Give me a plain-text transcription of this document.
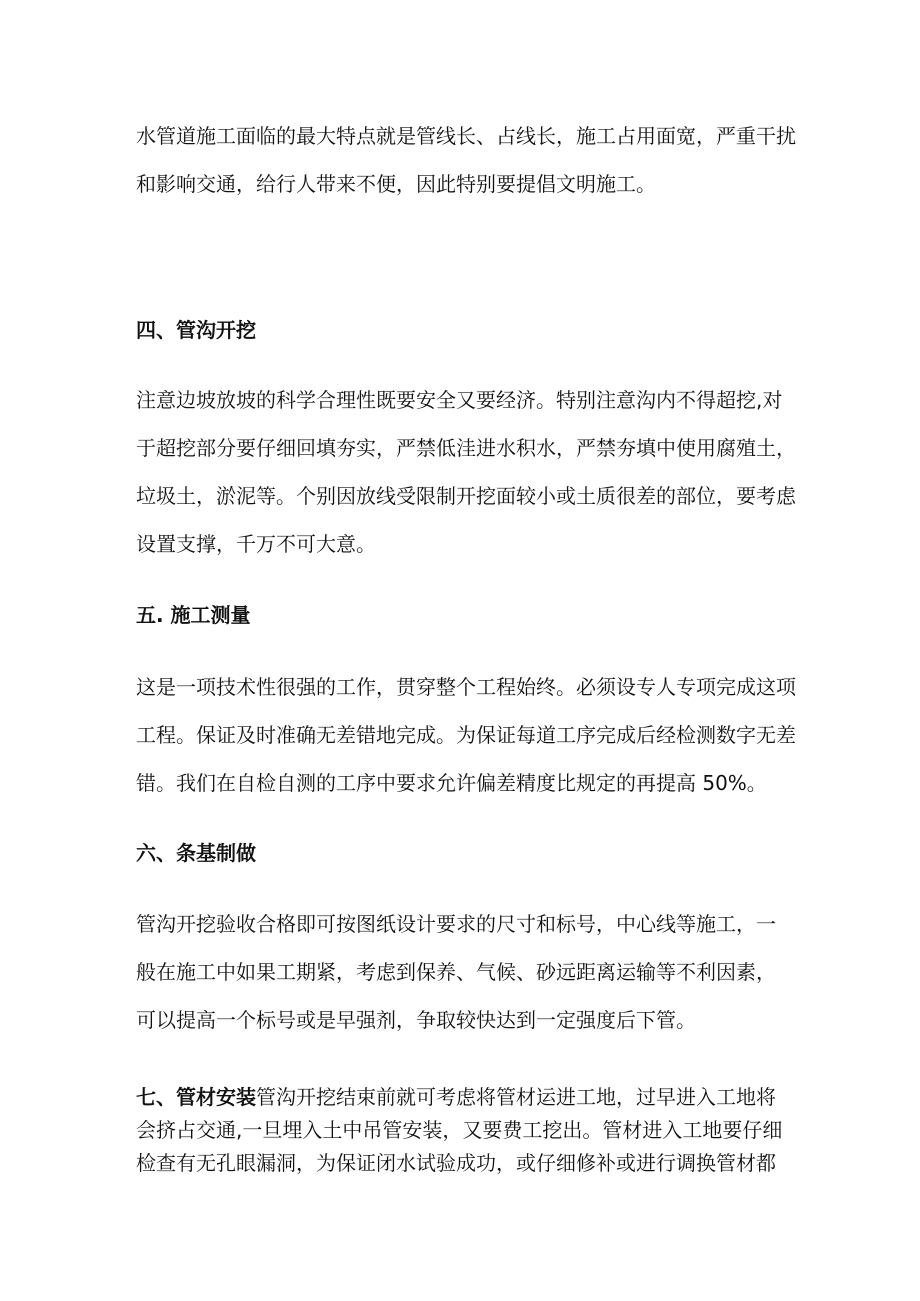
水管道施工面临的最大特点就是管线长、占线长，施工占用面宽，严重干扰
和影响交通，给行人带来不便，因此特别要提倡文明施工。
四、管沟开挖
注意边坡放坡的科学合理性既要安全又要经济。特别注意沟内不得超挖,对
于超挖部分要仔细回填夯实，严禁低洼进水积水，严禁夯填中使用腐殖土，
垃圾土，淤泥等。个别因放线受限制开挖面较小或土质很差的部位，要考虑
设置支撑，千万不可大意。
五. 施工测量
这是一项技术性很强的工作，贯穿整个工程始终。必须设专人专项完成这项
工程。保证及时准确无差错地完成。为保证每道工序完成后经检测数字无差
错。我们在自检自测的工序中要求允许偏差精度比规定的再提高 50%。
六、条基制做
管沟开挖验收合格即可按图纸设计要求的尺寸和标号，中心线等施工，一
般在施工中如果工期紧，考虑到保养、气候、砂远距离运输等不利因素，
可以提高一个标号或是早强剂，争取较快达到一定强度后下管。
七、管材安装管沟开挖结束前就可考虑将管材运进工地，过早进入工地将
会挤占交通,一旦埋入土中吊管安装，又要费工挖出。管材进入工地要仔细
检查有无孔眼漏洞，为保证闭水试验成功，或仔细修补或进行调换管材都
